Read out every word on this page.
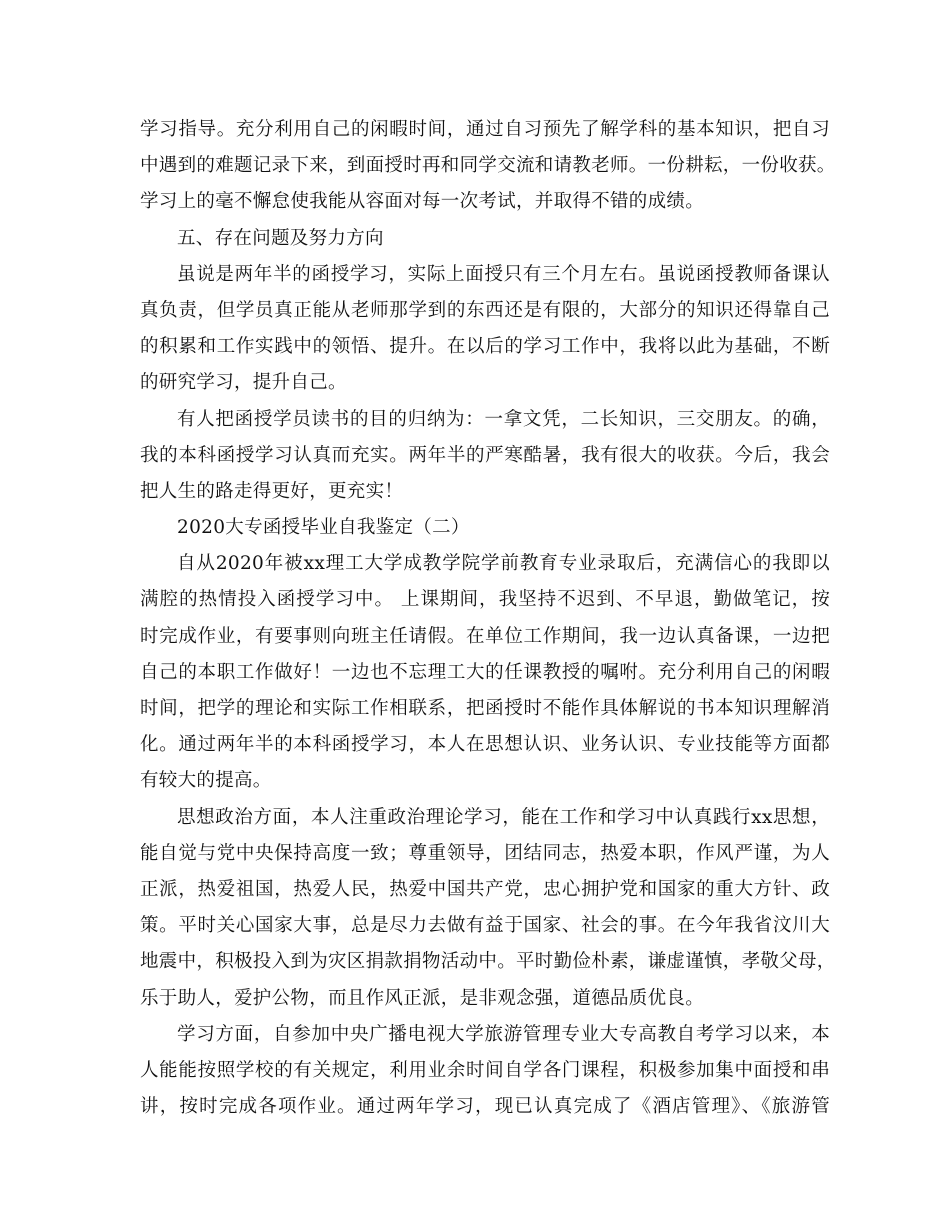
学习指导。充分利用自己的闲暇时间，通过自习预先了解学科的基本知识，把自习
中遇到的难题记录下来，到面授时再和同学交流和请教老师。一份耕耘，一份收获。
学习上的毫不懈怠使我能从容面对每一次考试，并取得不错的成绩。
五、存在问题及努力方向
虽说是两年半的函授学习，实际上面授只有三个月左右。虽说函授教师备课认
真负责，但学员真正能从老师那学到的东西还是有限的，大部分的知识还得靠自己
的积累和工作实践中的领悟、提升。在以后的学习工作中，我将以此为基础，不断
的研究学习，提升自己。
有人把函授学员读书的目的归纳为：一拿文凭，二长知识，三交朋友。的确，
我的本科函授学习认真而充实。两年半的严寒酷暑，我有很大的收获。今后，我会
把人生的路走得更好，更充实！
2020大专函授毕业自我鉴定（二）
自从2020年被xx理工大学成教学院学前教育专业录取后，充满信心的我即以
满腔的热情投入函授学习中。 上课期间，我坚持不迟到、不早退，勤做笔记，按
时完成作业，有要事则向班主任请假。在单位工作期间，我一边认真备课，一边把
自己的本职工作做好！一边也不忘理工大的任课教授的嘱咐。充分利用自己的闲暇
时间，把学的理论和实际工作相联系，把函授时不能作具体解说的书本知识理解消
化。通过两年半的本科函授学习，本人在思想认识、业务认识、专业技能等方面都
有较大的提高。
思想政治方面，本人注重政治理论学习，能在工作和学习中认真践行xx思想，
能自觉与党中央保持高度一致；尊重领导，团结同志，热爱本职，作风严谨，为人
正派，热爱祖国，热爱人民，热爱中国共产党，忠心拥护党和国家的重大方针、政
策。平时关心国家大事，总是尽力去做有益于国家、社会的事。在今年我省汶川大
地震中，积极投入到为灾区捐款捐物活动中。平时勤俭朴素，谦虚谨慎，孝敬父母，
乐于助人，爱护公物，而且作风正派，是非观念强，道德品质优良。
学习方面，自参加中央广播电视大学旅游管理专业大专高教自考学习以来，本
人能能按照学校的有关规定，利用业余时间自学各门课程，积极参加集中面授和串
讲，按时完成各项作业。通过两年学习，现已认真完成了《酒店管理》、《旅游管
